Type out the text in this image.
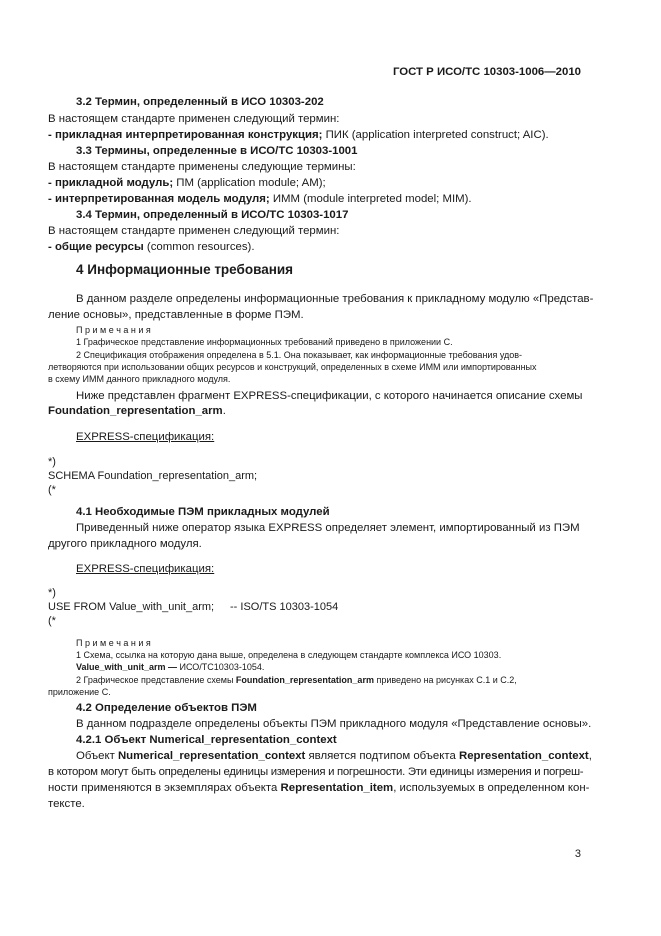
ГОСТ Р ИСО/ТС 10303-1006—2010
3.2 Термин, определенный в ИСО 10303-202
В настоящем стандарте применен следующий термин:
- прикладная интерпретированная конструкция; ПИК (application interpreted construct; AIC).
3.3 Термины, определенные в ИСО/ТС 10303-1001
В настоящем стандарте применены следующие термины:
- прикладной модуль; ПМ (application module; AM);
- интерпретированная модель модуля; ИММ (module interpreted model; MIM).
3.4 Термин, определенный в ИСО/ТС 10303-1017
В настоящем стандарте применен следующий термин:
- общие ресурсы (common resources).
4 Информационные требования
В данном разделе определены информационные требования к прикладному модулю «Представ-
ление основы», представленные в форме ПЭМ.
П р и м е ч а н и я
1 Графическое представление информационных требований приведено в приложении С.
2 Спецификация отображения определена в 5.1. Она показывает, как информационные требования удов-
летворяются при использовании общих ресурсов и конструкций, определенных в схеме ИММ или импортированных
в схему ИММ данного прикладного модуля.
Ниже представлен фрагмент EXPRESS-спецификации, с которого начинается описание схемы
Foundation_representation_arm.
EXPRESS-спецификация:
*)
SCHEMA Foundation_representation_arm;
(*
4.1 Необходимые ПЭМ прикладных модулей
Приведенный ниже оператор языка EXPRESS определяет элемент, импортированный из ПЭМ
другого прикладного модуля.
EXPRESS-спецификация:
*)
USE FROM Value_with_unit_arm; -- ISO/TS 10303-1054
(*
П р и м е ч а н и я
1 Схема, ссылка на которую дана выше, определена в следующем стандарте комплекса ИСО 10303.
Value_with_unit_arm — ИСО/ТС10303-1054.
2 Графическое представление схемы Foundation_representation_arm приведено на рисунках С.1 и С.2,
приложение С.
4.2 Определение объектов ПЭМ
В данном подразделе определены объекты ПЭМ прикладного модуля «Представление основы».
4.2.1 Объект Numerical_representation_context
Объект Numerical_representation_context является подтипом объекта Representation_context,
в котором могут быть определены единицы измерения и погрешности. Эти единицы измерения и погреш-
ности применяются в экземплярах объекта Representation_item, используемых в определенном кон-
тексте.
3
